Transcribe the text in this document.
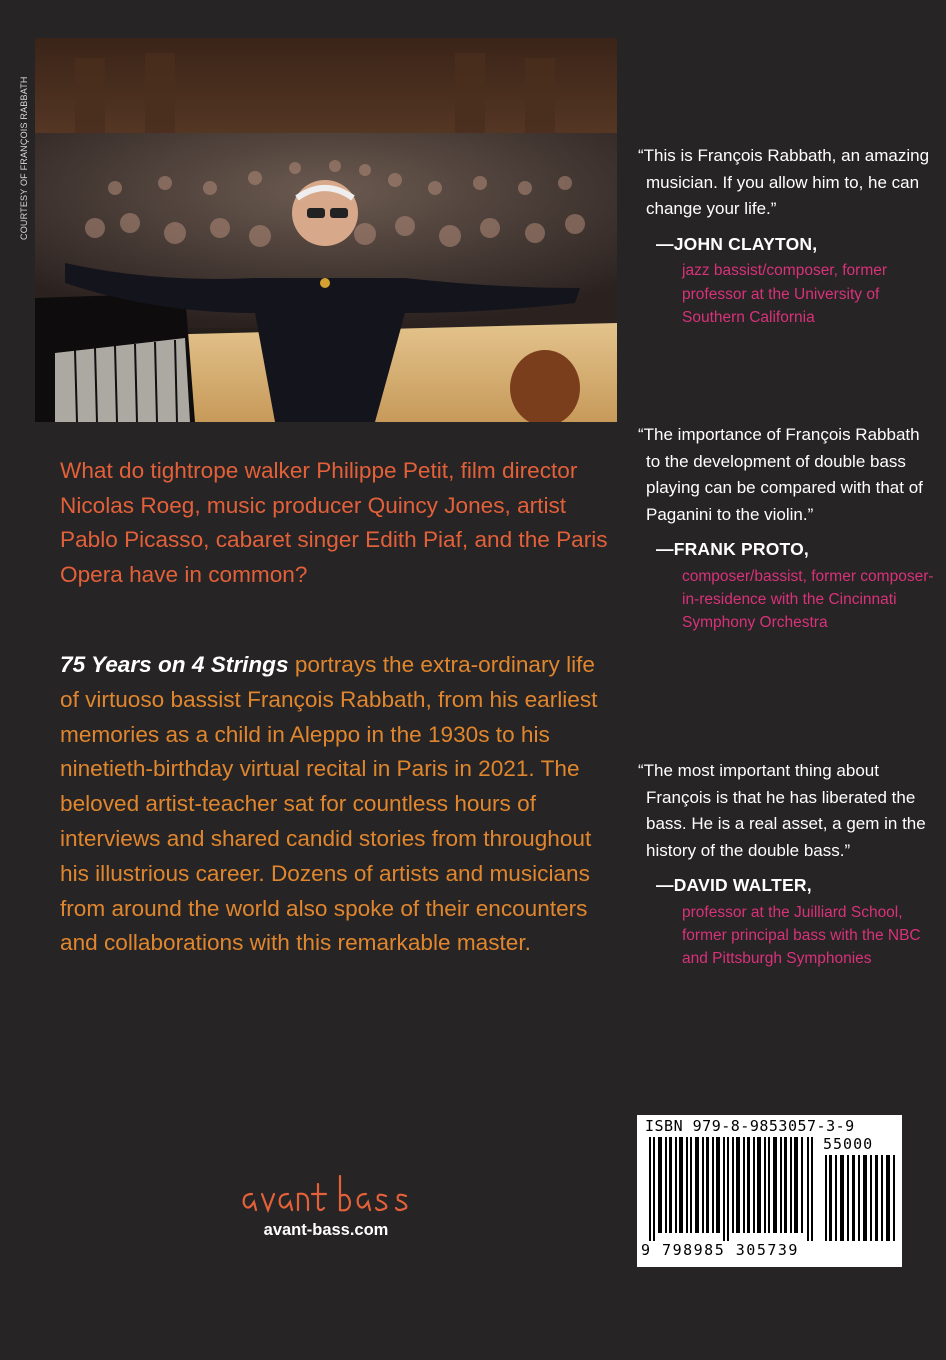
COURTESY OF FRANÇOIS RABBATH

What do tightrope walker Philippe Petit, film director Nicolas Roeg, music producer Quincy Jones, artist Pablo Picasso, cabaret singer Edith Piaf, and the Paris Opera have in common?

75 Years on 4 Strings portrays the extra-ordinary life of virtuoso bassist François Rabbath, from his earliest memories as a child in Aleppo in the 1930s to his ninetieth-birthday virtual recital in Paris in 2021. The beloved artist-teacher sat for countless hours of interviews and shared candid stories from throughout his illustrious career. Dozens of artists and musicians from around the world also spoke of their encounters and collaborations with this remarkable master.

“This is François Rabbath, an amazing musician. If you allow him to, he can change your life.”

—JOHN CLAYTON,

jazz bassist/composer, former professor at the University of Southern California

“The importance of François Rabbath to the development of double bass playing can be compared with that of Paganini to the violin.”

—FRANK PROTO,

composer/bassist, former composer-in-residence with the Cincinnati Symphony Orchestra

“The most important thing about François is that he has liberated the bass. He is a real asset, a gem in the history of the double bass.”

—DAVID WALTER,

professor at the Juilliard School, former principal bass with the NBC and Pittsburgh Symphonies

avant-bass.com
ISBN 979-8-9853057-3-9
55000
9 798985 305739
